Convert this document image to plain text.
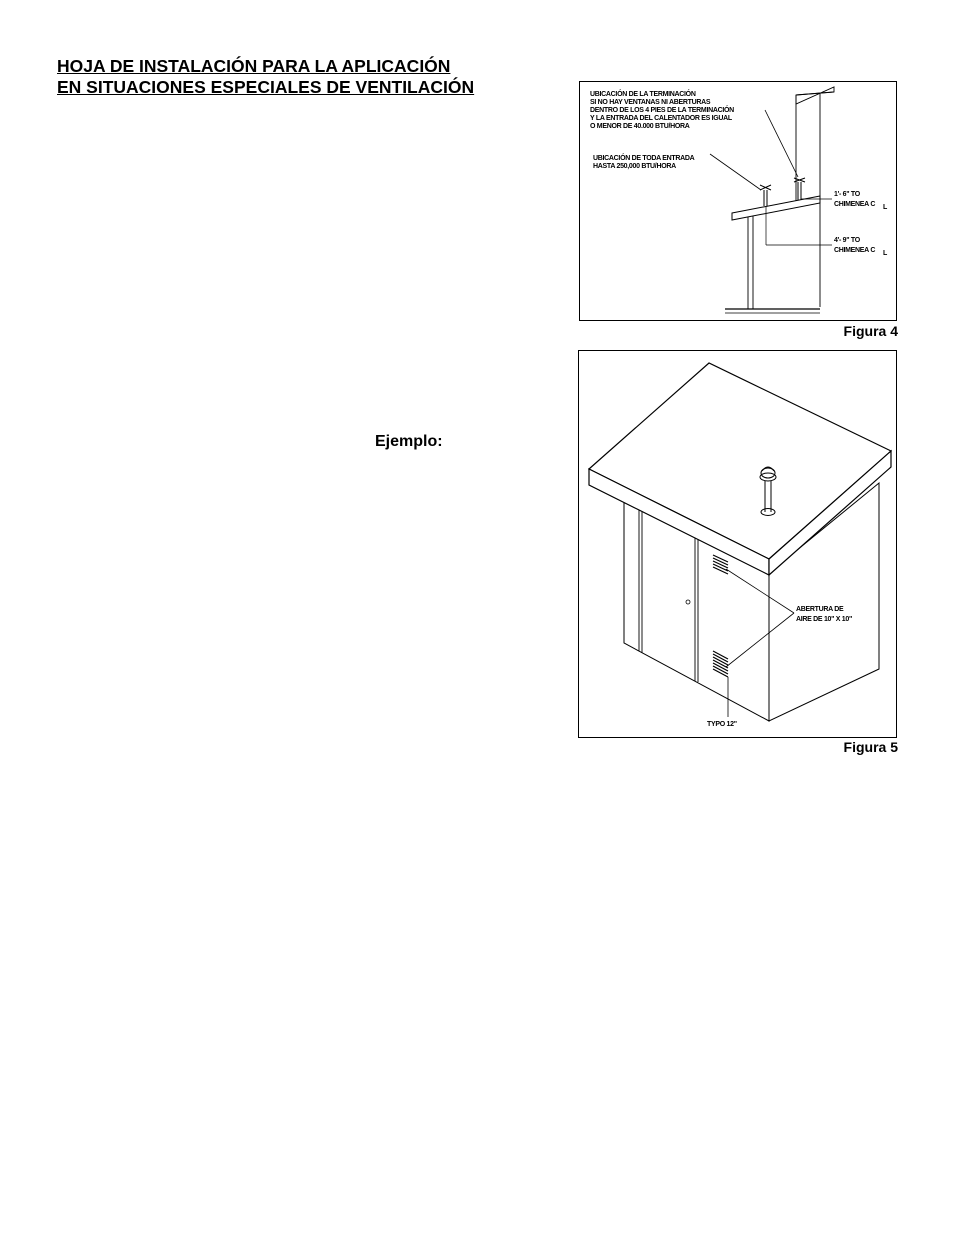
HOJA DE INSTALACIÓN PARA LA APLICACIÓN
EN SITUACIONES ESPECIALES DE VENTILACIÓN
Ejemplo:
UBICACIÓN DE LA TERMINACIÓN
SI NO HAY VENTANAS NI ABERTURAS
DENTRO DE LOS 4 PIES DE LA TERMINACIÓN
Y LA ENTRADA DEL CALENTADOR ES IGUAL
O MENOR DE 40.000 BTU/HORA
UBICACIÓN DE TODA ENTRADA
HASTA 250,000 BTU/HORA
1'- 6" TO
CHIMENEA C L
4'- 9" TO
CHIMENEA C L
Figura 4
ABERTURA DE
AIRE DE 10" X 10"
TYPO 12"
Figura 5
